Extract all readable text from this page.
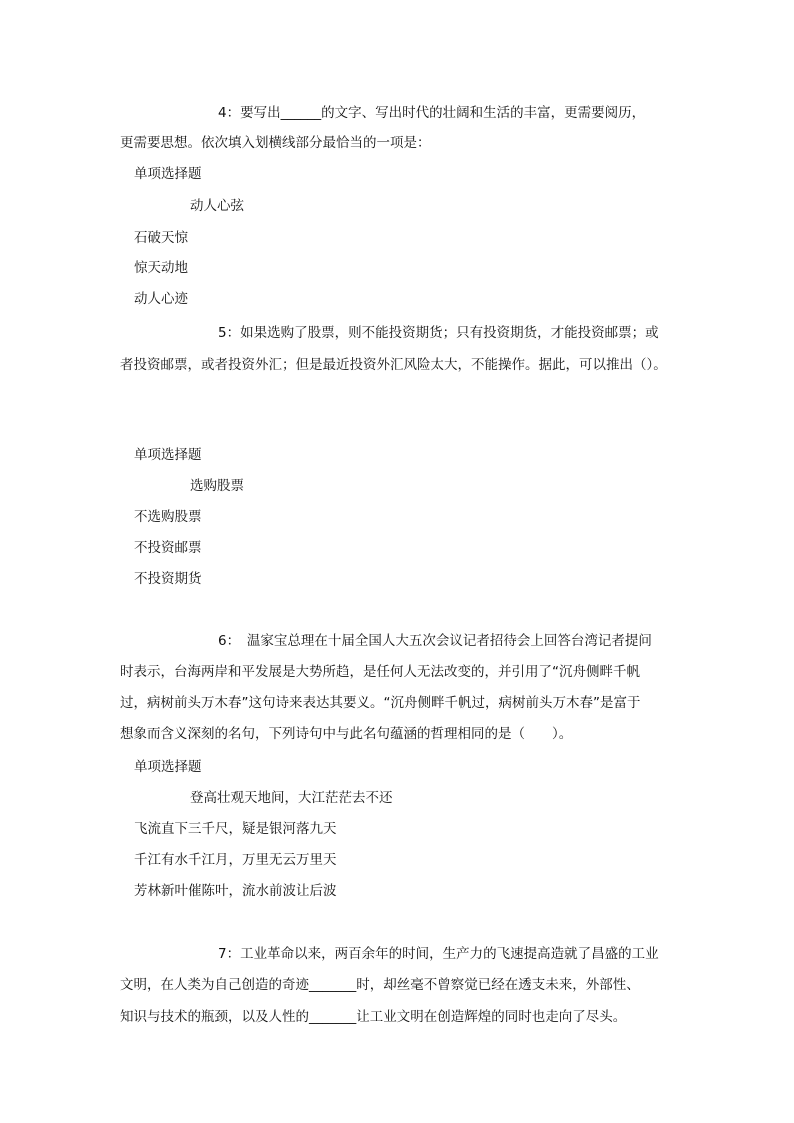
4：要写出______的文字、写出时代的壮阔和生活的丰富，更需要阅历，
更需要思想。依次填入划横线部分最恰当的一项是：
单项选择题
动人心弦
石破天惊
惊天动地
动人心迹
5：如果选购了股票，则不能投资期货；只有投资期货，才能投资邮票；或
者投资邮票，或者投资外汇；但是最近投资外汇风险太大，不能操作。据此，可以推出（）。
单项选择题
选购股票
不选购股票
不投资邮票
不投资期货
6：　温家宝总理在十届全国人大五次会议记者招待会上回答台湾记者提问
时表示，台海两岸和平发展是大势所趋，是任何人无法改变的，并引用了“沉舟侧畔千帆
过，病树前头万木春”这句诗来表达其要义。“沉舟侧畔千帆过，病树前头万木春”是富于
想象而含义深刻的名句，下列诗句中与此名句蕴涵的哲理相同的是（　　）。
单项选择题
登高壮观天地间，大江茫茫去不还
飞流直下三千尺，疑是银河落九天
千江有水千江月，万里无云万里天
芳林新叶催陈叶，流水前波让后波
7：工业革命以来，两百余年的时间，生产力的飞速提高造就了昌盛的工业
文明，在人类为自己创造的奇迹_______时，却丝毫不曾察觉已经在透支未来，外部性、
知识与技术的瓶颈，以及人性的_______让工业文明在创造辉煌的同时也走向了尽头。
